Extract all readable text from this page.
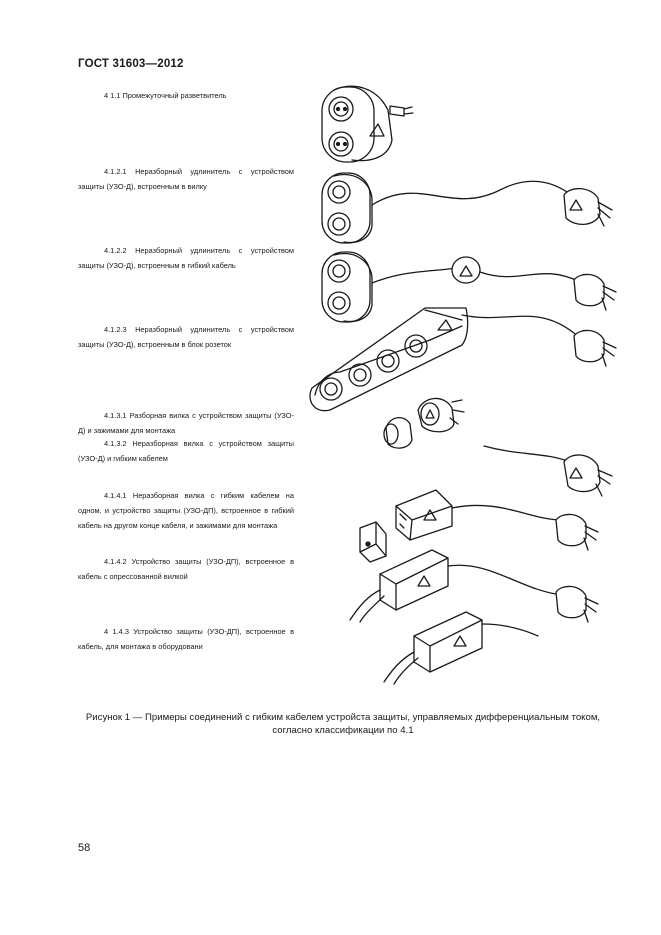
ГОСТ 31603—2012

4 1.1 Промежуточный разветвитель

4.1.2.1 Неразборный удлинитель с устройством защиты (УЗО-Д), встроенным в вилку

4.1.2.2 Неразборный удлинитель с устройством защиты (УЗО-Д), встроенным в гибкий кабель

4.1.2.3 Неразборный удлинитель с устройством защиты (УЗО-Д), встроенным в блок розеток

4.1.3.1 Разборная вилка с устройством защиты (УЗО-Д) и зажимами для монтажа

4.1.3.2 Неразборная вилка с устройством защиты (УЗО-Д) и гибким кабелем

4.1.4.1 Неразборная вилка с гибким кабелем на одном, и устройство защиты (УЗО-ДП), встроенное в гибкий кабель на другом конце кабеля, и зажимами для монтажа

4.1.4.2 Устройство защиты (УЗО-ДП), встроенное в кабель с опрессованной вилкой

4 1.4.3 Устройство защиты (УЗО-ДП), встроенное в кабель, для монтажа в оборудовани

Рисунок 1 — Примеры соединений с гибким кабелем устройста защиты, управляемых дифференциальным током, согласно классификации по 4.1
58
